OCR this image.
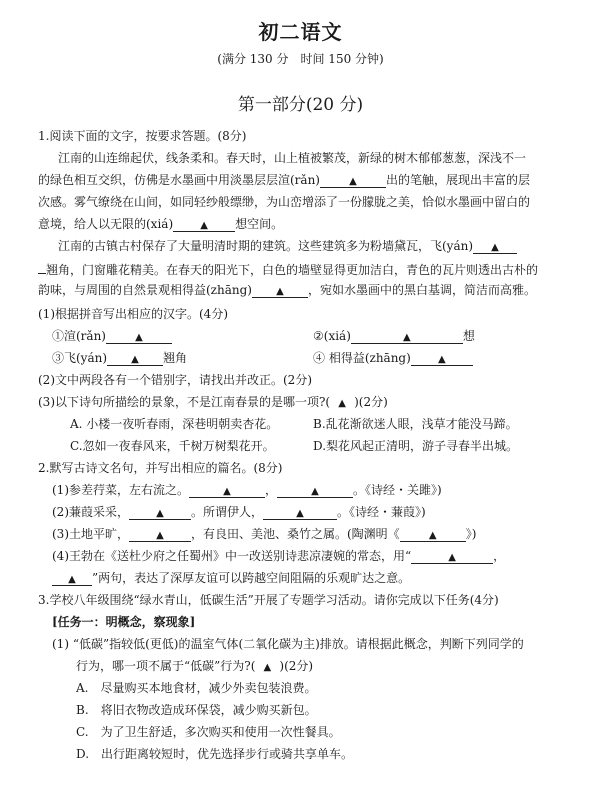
初二语文
(满分 130 分　时间 150 分钟)
第一部分(20 分)
1.阅读下面的文字，按要求答题。(8分)
江南的山连绵起伏，线条柔和。春天时，山上植被繁茂，新绿的树木郁郁葱葱，深浅不一
的绿色相互交织，仿佛是水墨画中用淡墨层层渲(rǎn)	▲ 出的笔触，展现出丰富的层
次感。雾气缭绕在山间，如同轻纱般缥缈，为山峦增添了一份朦胧之美，恰似水墨画中留白的
意境，给人以无限的(xiá)	▲ 想空间。
江南的古镇古村保存了大量明清时期的建筑。这些建筑多为粉墙黛瓦，飞(yán) ▲
翘角，门窗雕花精美。在春天的阳光下，白色的墙壁显得更加洁白，青色的瓦片则透出古朴的
韵味，与周围的自然景观相得益(zhāng) ▲ ，宛如水墨画中的黑白基调，简洁而高雅。
(1)根据拼音写出相应的汉字。(4分)
①渲(rǎn)	▲	②(xiá)	▲	想
③飞(yán) ▲ 翘角	④ 相得益(zhāng)	▲
(2)文中两段各有一个错别字，请找出并改正。(2分)
(3)以下诗句所描绘的景象，不是江南春景的是哪一项?( ▲ )(2分)
A. 小楼一夜听春雨，深巷明朝卖杏花。	B.乱花渐欲迷人眼，浅草才能没马蹄。
C.忽如一夜春风来，千树万树梨花开。	D.梨花风起正清明，游子寻春半出城。
2.默写古诗文名句，并写出相应的篇名。(8分)
(1)参差荇菜，左右流之。	▲	，	▲	。《诗经・关雎》)
(2)蒹葭采采，	▲ 。所谓伊人，	▲	。《诗经・蒹葭》)
(3)土地平旷，	▲ ，有良田、美池、桑竹之属。(陶渊明《	▲ 》)
(4)王勃在《送杜少府之任蜀州》中一改送别诗悲凉凄婉的常态，用“	▲	，
▲ ”两句，表达了深厚友谊可以跨越空间阻隔的乐观旷达之意。
3.学校八年级围绕“绿水青山，低碳生活”开展了专题学习活动。请你完成以下任务(4分)
[任务一：明概念，察现象]
(1) “低碳”指较低(更低)的温室气体(二氧化碳为主)排放。请根据此概念，判断下列同学的
行为，哪一项不属于“低碳”行为?( ▲ )(2分)
A.　尽量购买本地食材，减少外卖包装浪费。
B.　将旧衣物改造成环保袋，减少购买新包。
C.　为了卫生舒适，多次购买和使用一次性餐具。
D.　出行距离较短时，优先选择步行或骑共享单车。
